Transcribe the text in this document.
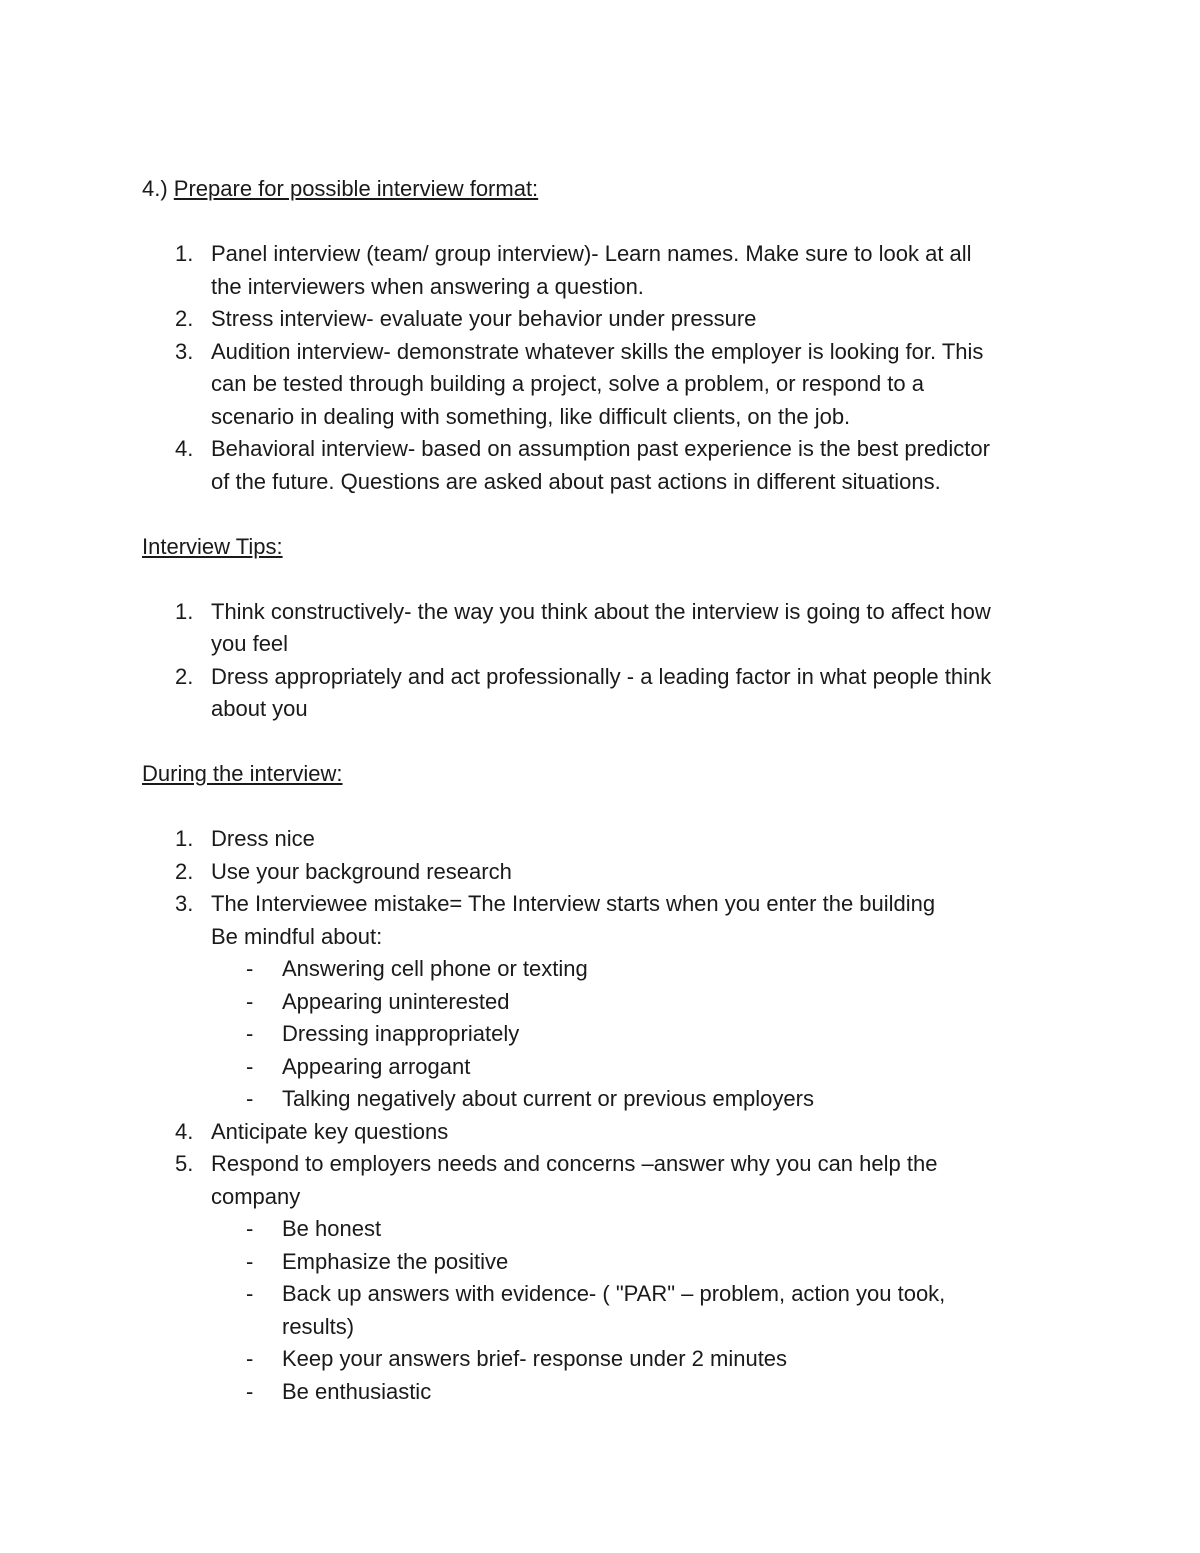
4.) Prepare for possible interview format:
1. Panel interview (team/ group interview)- Learn names. Make sure to look at all
the interviewers when answering a question.
2. Stress interview- evaluate your behavior under pressure
3. Audition interview- demonstrate whatever skills the employer is looking for. This
can be tested through building a project, solve a problem, or respond to a
scenario in dealing with something, like difficult clients, on the job.
4. Behavioral interview- based on assumption past experience is the best predictor
of the future. Questions are asked about past actions in different situations.
Interview Tips:
1. Think constructively- the way you think about the interview is going to affect how
you feel
2. Dress appropriately and act professionally - a leading factor in what people think
about you
During the interview:
1. Dress nice
2. Use your background research
3. The Interviewee mistake= The Interview starts when you enter the building
Be mindful about:
- Answering cell phone or texting
- Appearing uninterested
- Dressing inappropriately
- Appearing arrogant
- Talking negatively about current or previous employers
4. Anticipate key questions
5. Respond to employers needs and concerns –answer why you can help the
company
- Be honest
- Emphasize the positive
- Back up answers with evidence- ( "PAR" – problem, action you took,
results)
- Keep your answers brief- response under 2 minutes
- Be enthusiastic
